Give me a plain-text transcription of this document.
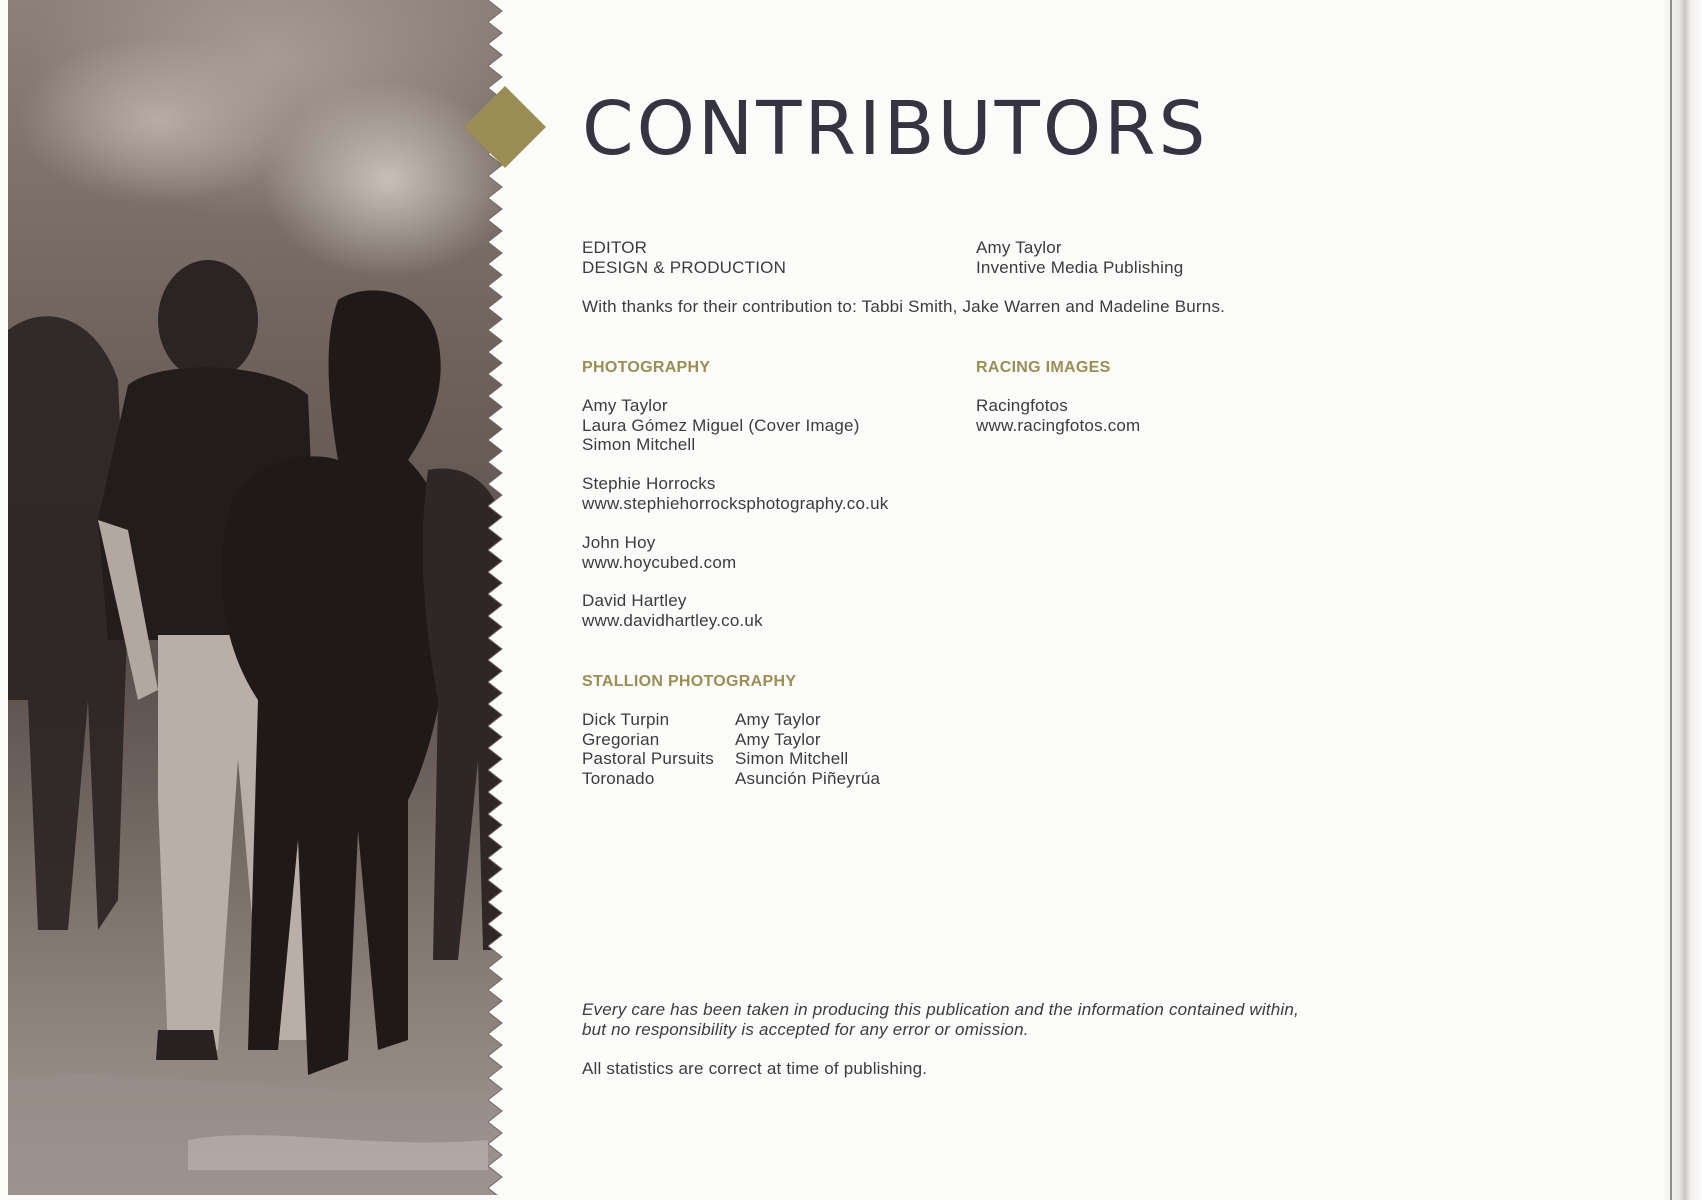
CONTRIBUTORS
EDITOR
DESIGN & PRODUCTION
Amy Taylor
Inventive Media Publishing
With thanks for their contribution to: Tabbi Smith, Jake Warren and Madeline Burns.
PHOTOGRAPHY
Amy Taylor
Laura Gómez Miguel (Cover Image)
Simon Mitchell
Stephie Horrocks
www.stephiehorrocksphotography.co.uk
John Hoy
www.hoycubed.com
David Hartley
www.davidhartley.co.uk
RACING IMAGES
Racingfotos
www.racingfotos.com
STALLION PHOTOGRAPHY
Dick Turpin
Gregorian
Pastoral Pursuits
Toronado
Amy Taylor
Amy Taylor
Simon Mitchell
Asunción Piñeyrúa
Every care has been taken in producing this publication and the information contained within,
but no responsibility is accepted for any error or omission.
All statistics are correct at time of publishing.
